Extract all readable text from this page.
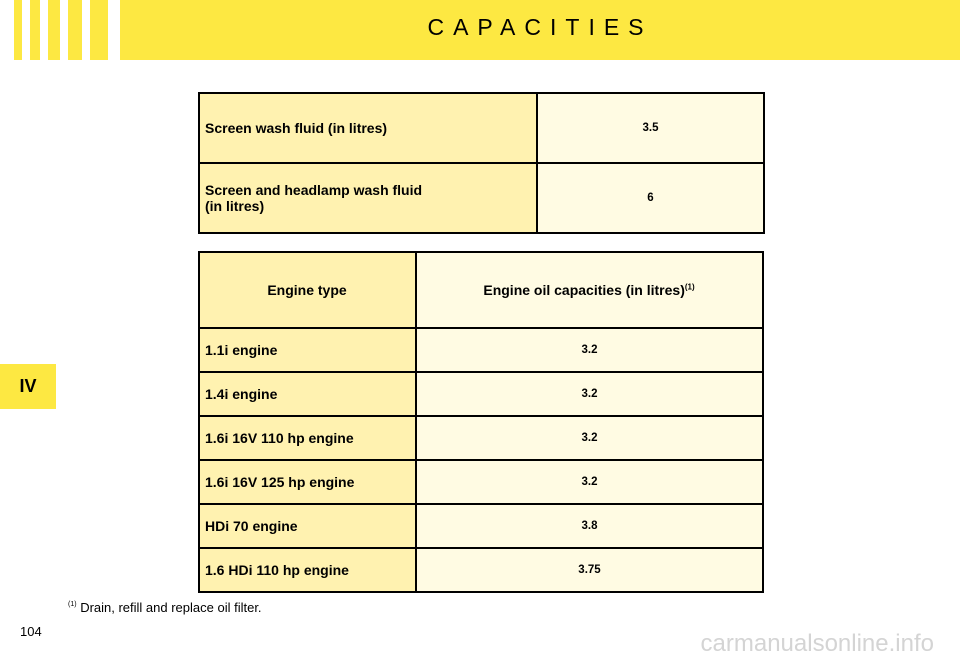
CAPACITIES
IV
Screen wash fluid (in litres)	3.5
Screen and headlamp wash fluid
(in litres)	6
Engine type	Engine oil capacities (in litres)$^{(1)}$
1.1i engine	3.2
1.4i engine	3.2
1.6i 16V 110 hp engine	3.2
1.6i 16V 125 hp engine	3.2
HDi 70 engine	3.8
1.6 HDi 110 hp engine	3.75
$^{(1)}$ Drain, refill and replace oil filter.
104	carmanualsonline.info
